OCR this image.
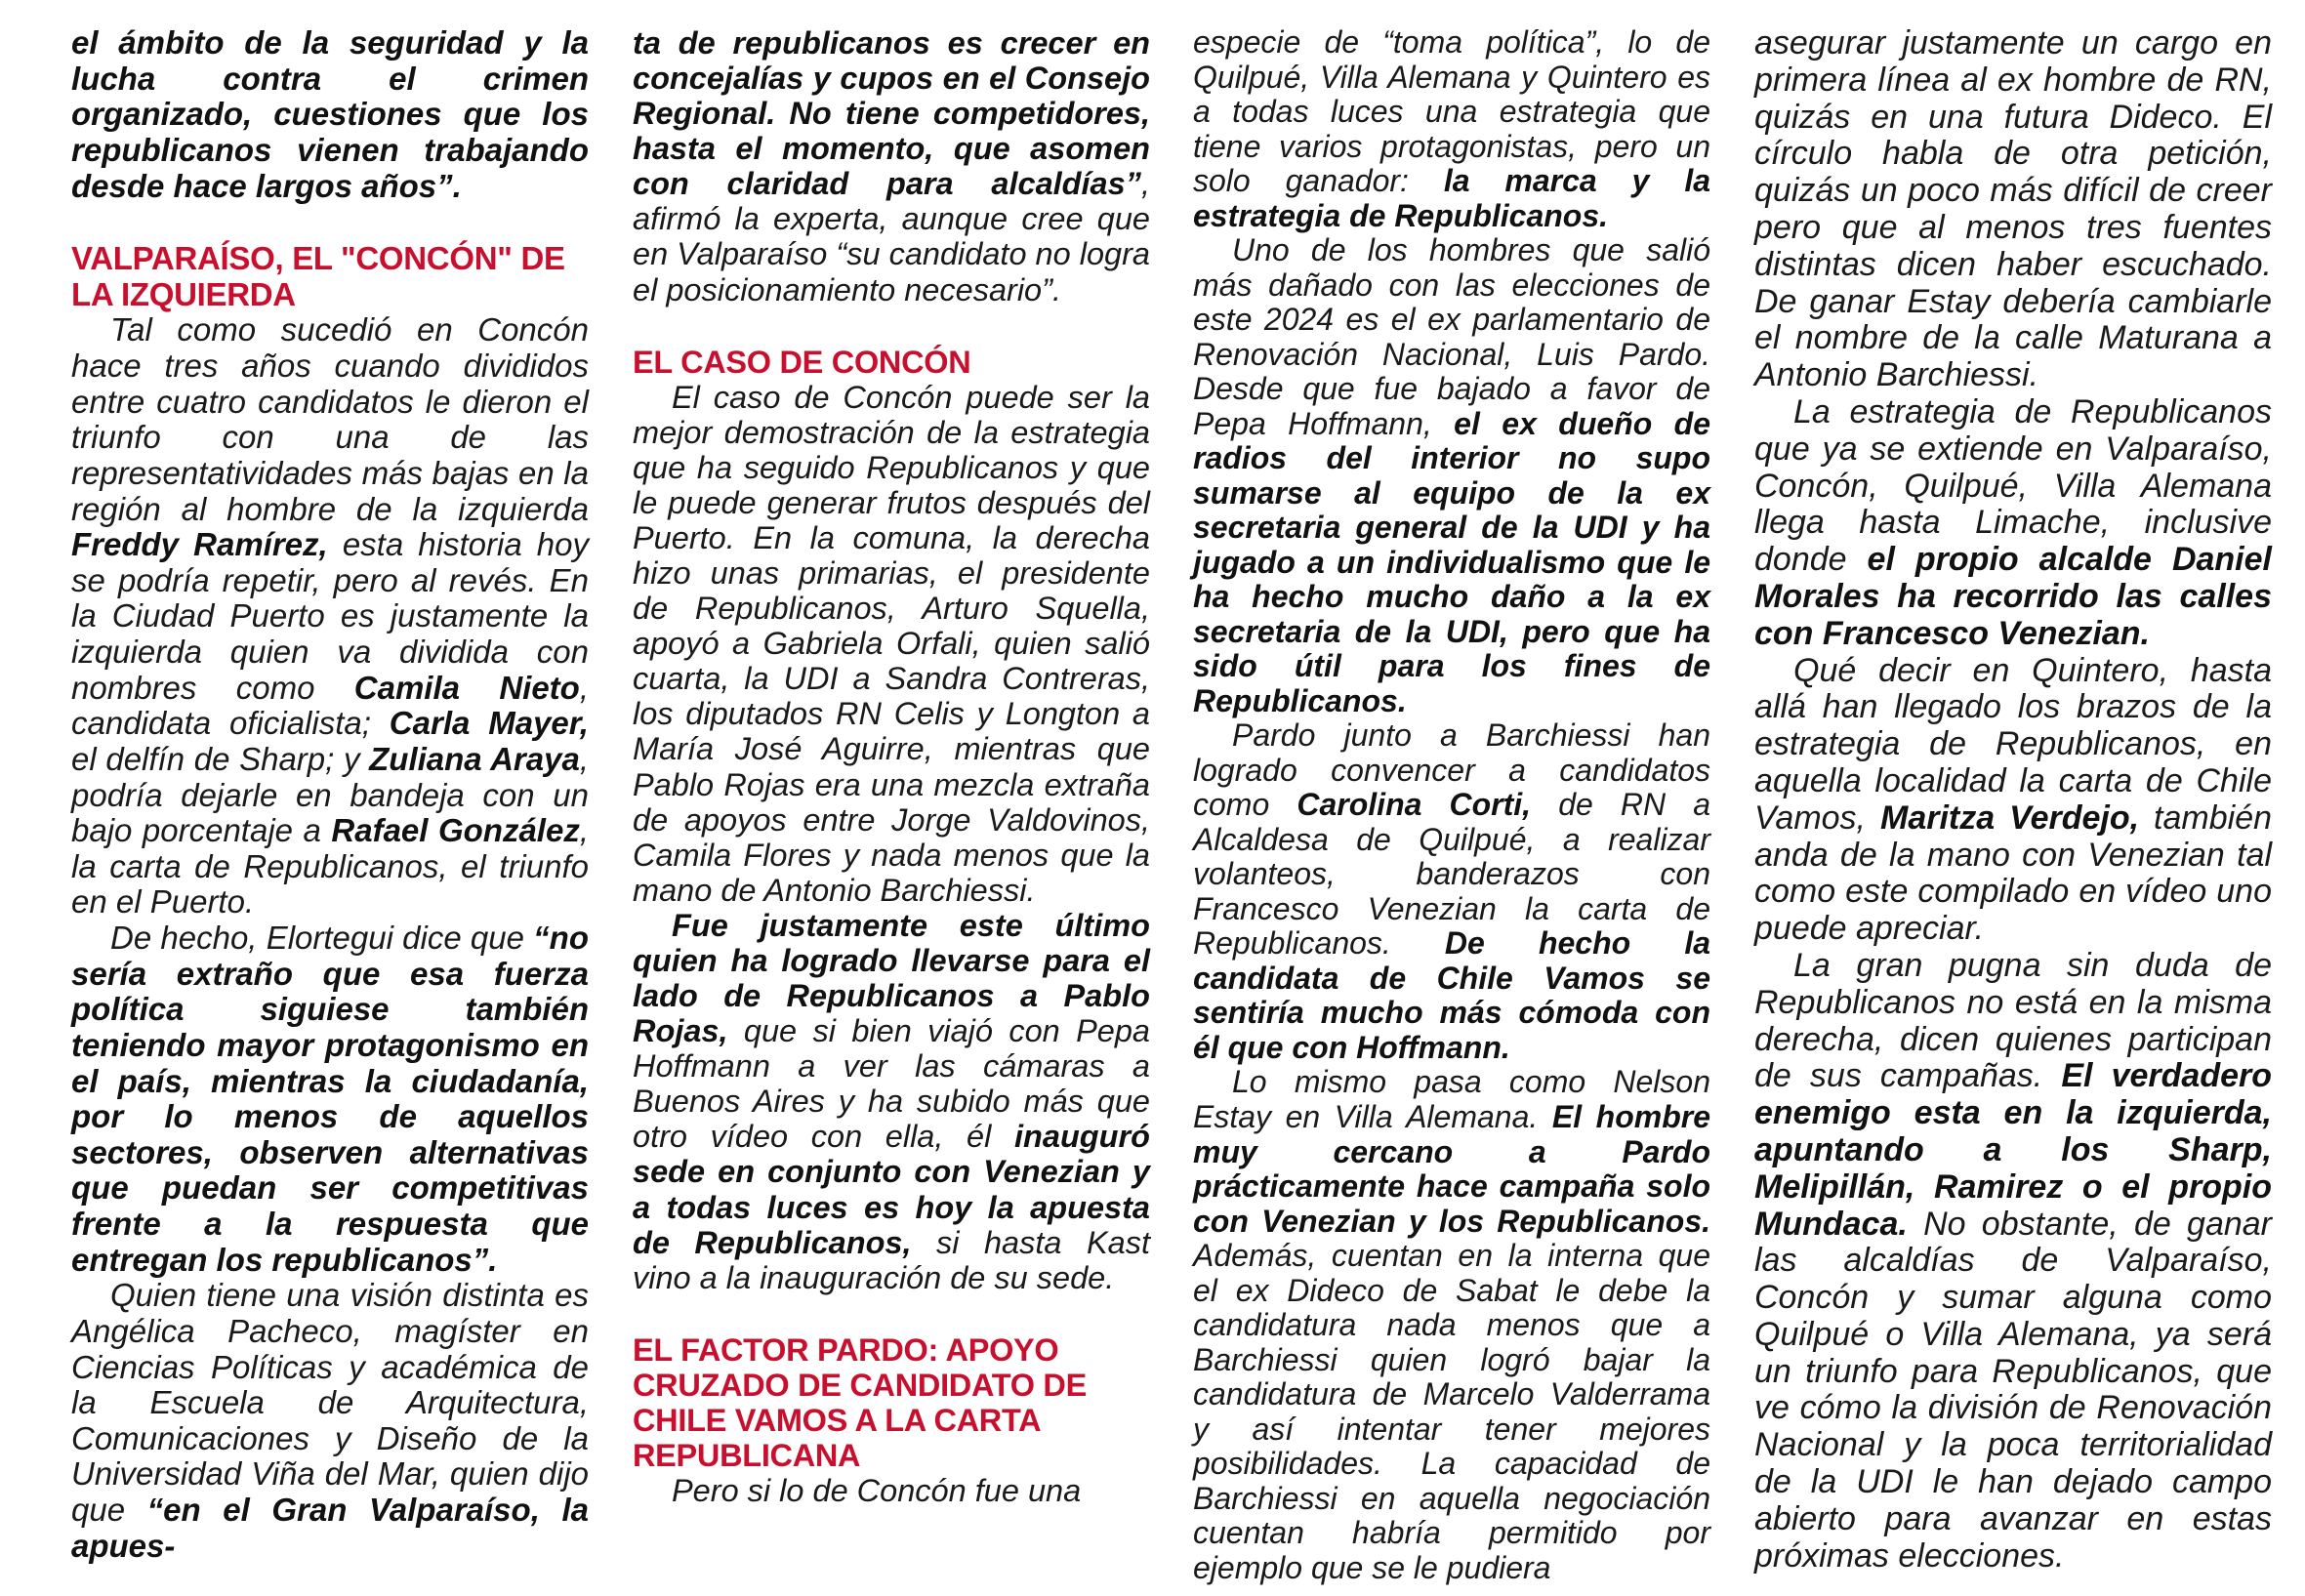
el ámbito de la seguridad y la lucha contra el crimen organizado, cuestiones que los republicanos vienen trabajando desde hace largos años”.

VALPARAÍSO, EL "CONCÓN" DE LA IZQUIERDA

Tal como sucedió en Concón hace tres años cuando divididos entre cuatro candidatos le dieron el triunfo con una de las representatividades más bajas en la región al hombre de la izquierda Freddy Ramírez, esta historia hoy se podría repetir, pero al revés. En la Ciudad Puerto es justamente la izquierda quien va dividida con nombres como Camila Nieto, candidata oficialista; Carla Mayer, el delfín de Sharp; y Zuliana Araya, podría dejarle en bandeja con un bajo porcentaje a Rafael González, la carta de Republicanos, el triunfo en el Puerto.

De hecho, Elortegui dice que “no sería extraño que esa fuerza política siguiese también teniendo mayor protagonismo en el país, mientras la ciudadanía, por lo menos de aquellos sectores, observen alternativas que puedan ser competitivas frente a la respuesta que entregan los republicanos”.

Quien tiene una visión distinta es Angélica Pacheco, magíster en Ciencias Políticas y académica de la Escuela de Arquitectura, Comunicaciones y Diseño de la Universidad Viña del Mar, quien dijo que “en el Gran Valparaíso, la apues-

ta de republicanos es crecer en concejalías y cupos en el Consejo Regional. No tiene competidores, hasta el momento, que asomen con claridad para alcaldías”, afirmó la experta, aunque cree que en Valparaíso “su candidato no logra el posicionamiento necesario”.

EL CASO DE CONCÓN

El caso de Concón puede ser la mejor demostración de la estrategia que ha seguido Republicanos y que le puede generar frutos después del Puerto. En la comuna, la derecha hizo unas primarias, el presidente de Republicanos, Arturo Squella, apoyó a Gabriela Orfali, quien salió cuarta, la UDI a Sandra Contreras, los diputados RN Celis y Longton a María José Aguirre, mientras que Pablo Rojas era una mezcla extraña de apoyos entre Jorge Valdovinos, Camila Flores y nada menos que la mano de Antonio Barchiessi.

Fue justamente este último quien ha logrado llevarse para el lado de Republicanos a Pablo Rojas, que si bien viajó con Pepa Hoffmann a ver las cámaras a Buenos Aires y ha subido más que otro vídeo con ella, él inauguró sede en conjunto con Venezian y a todas luces es hoy la apuesta de Republicanos, si hasta Kast vino a la inauguración de su sede.

EL FACTOR PARDO: APOYO CRUZADO DE CANDIDATO DE CHILE VAMOS A LA CARTA REPUBLICANA

Pero si lo de Concón fue una

especie de “toma política”, lo de Quilpué, Villa Alemana y Quintero es a todas luces una estrategia que tiene varios protagonistas, pero un solo ganador: la marca y la estrategia de Republicanos.

Uno de los hombres que salió más dañado con las elecciones de este 2024 es el ex parlamentario de Renovación Nacional, Luis Pardo. Desde que fue bajado a favor de Pepa Hoffmann, el ex dueño de radios del interior no supo sumarse al equipo de la ex secretaria general de la UDI y ha jugado a un individualismo que le ha hecho mucho daño a la ex secretaria de la UDI, pero que ha sido útil para los fines de Republicanos.

Pardo junto a Barchiessi han logrado convencer a candidatos como Carolina Corti, de RN a Alcaldesa de Quilpué, a realizar volanteos, banderazos con Francesco Venezian la carta de Republicanos. De hecho la candidata de Chile Vamos se sentiría mucho más cómoda con él que con Hoffmann.

Lo mismo pasa como Nelson Estay en Villa Alemana. El hombre muy cercano a Pardo prácticamente hace campaña solo con Venezian y los Republicanos. Además, cuentan en la interna que el ex Dideco de Sabat le debe la candidatura nada menos que a Barchiessi quien logró bajar la candidatura de Marcelo Valderrama y así intentar tener mejores posibilidades. La capacidad de Barchiessi en aquella negociación cuentan habría permitido por ejemplo que se le pudiera

asegurar justamente un cargo en primera línea al ex hombre de RN, quizás en una futura Dideco. El círculo habla de otra petición, quizás un poco más difícil de creer pero que al menos tres fuentes distintas dicen haber escuchado. De ganar Estay debería cambiarle el nombre de la calle Maturana a Antonio Barchiessi.

La estrategia de Republicanos que ya se extiende en Valparaíso, Concón, Quilpué, Villa Alemana llega hasta Limache, inclusive donde el propio alcalde Daniel Morales ha recorrido las calles con Francesco Venezian.

Qué decir en Quintero, hasta allá han llegado los brazos de la estrategia de Republicanos, en aquella localidad la carta de Chile Vamos, Maritza Verdejo, también anda de la mano con Venezian tal como este compilado en vídeo uno puede apreciar.

La gran pugna sin duda de Republicanos no está en la misma derecha, dicen quienes participan de sus campañas. El verdadero enemigo esta en la izquierda, apuntando a los Sharp, Melipillán, Ramirez o el propio Mundaca. No obstante, de ganar las alcaldías de Valparaíso, Concón y sumar alguna como Quilpué o Villa Alemana, ya será un triunfo para Republicanos, que ve cómo la división de Renovación Nacional y la poca territorialidad de la UDI le han dejado campo abierto para avanzar en estas próximas elecciones.
